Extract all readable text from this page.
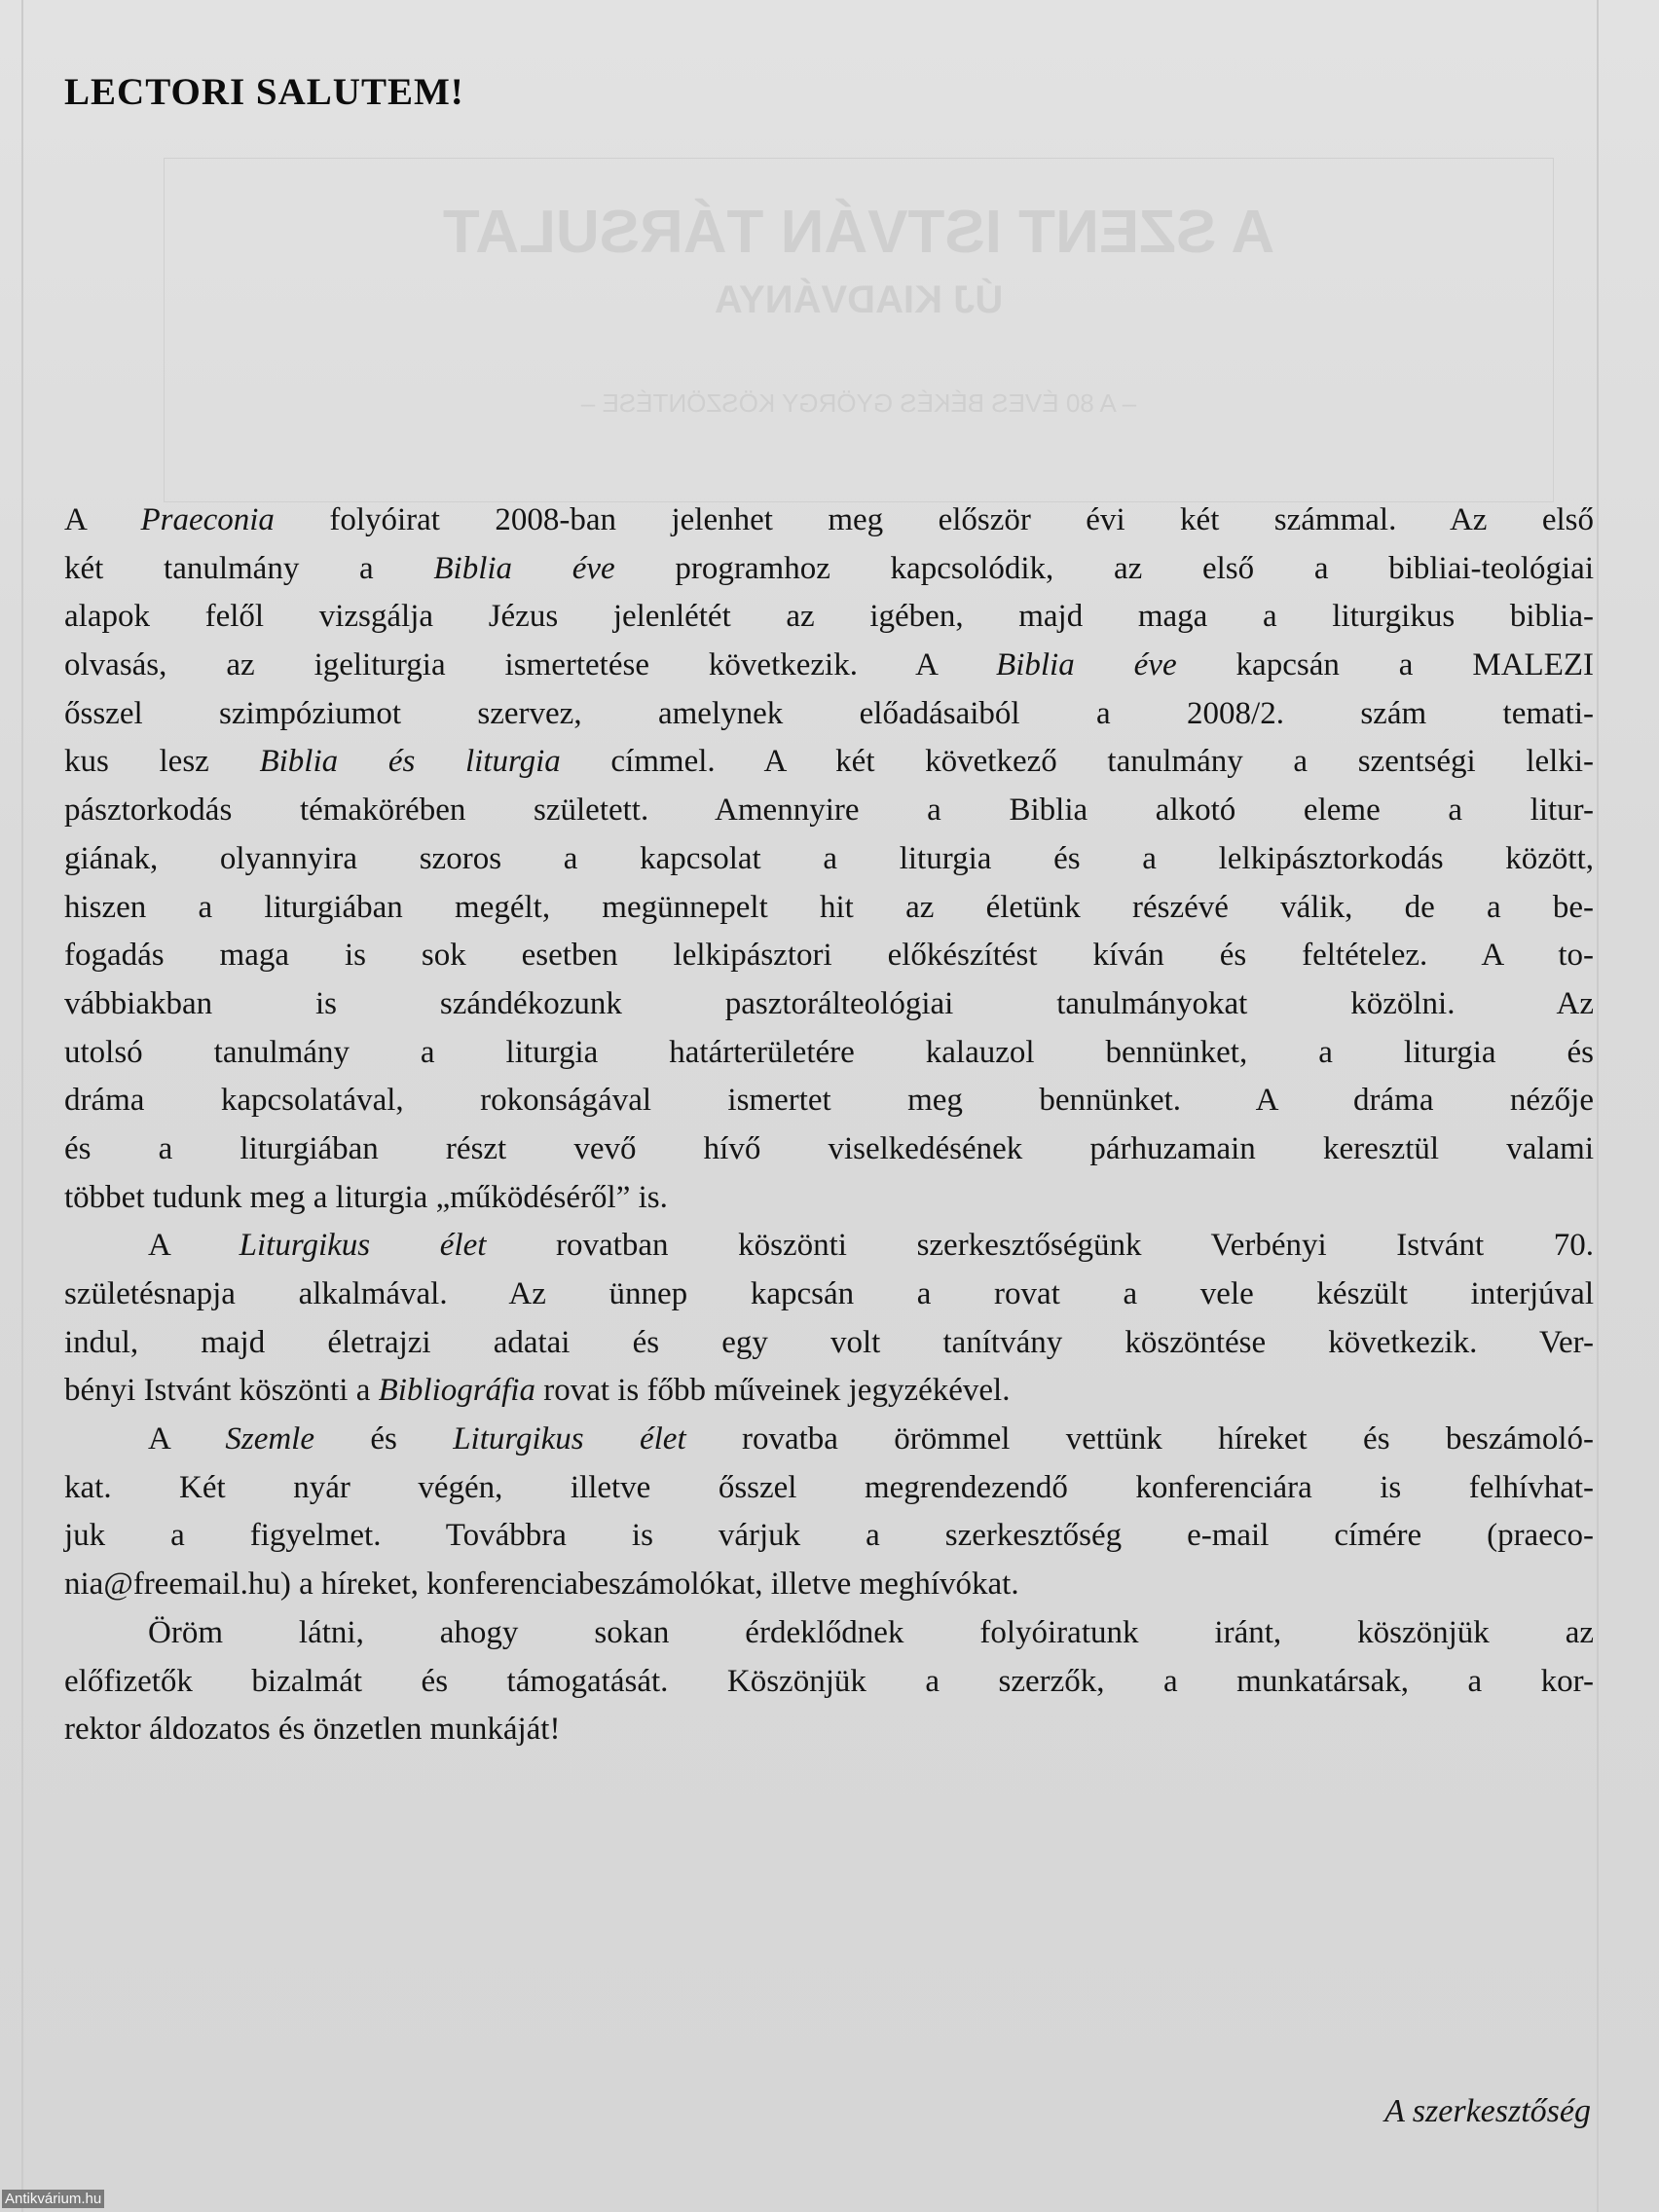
LECTORI SALUTEM!
A SZENT ISTVÁN TÁRSULAT
ÚJ KIADVÁNYA
– A 80 ÉVES BÉKÉS GYÖRGY KÖSZÖNTÉSE –
A Praeconia folyóirat 2008-ban jelenhet meg először évi két számmal. Az első
két tanulmány a Biblia éve programhoz kapcsolódik, az első a bibliai-teológiai
alapok felől vizsgálja Jézus jelenlétét az igében, majd maga a liturgikus biblia-
olvasás, az igeliturgia ismertetése következik. A Biblia éve kapcsán a MALEZI
ősszel szimpóziumot szervez, amelynek előadásaiból a 2008/2. szám temati-
kus lesz Biblia és liturgia címmel. A két következő tanulmány a szentségi lelki-
pásztorkodás témakörében született. Amennyire a Biblia alkotó eleme a litur-
giának, olyannyira szoros a kapcsolat a liturgia és a lelkipásztorkodás között,
hiszen a liturgiában megélt, megünnepelt hit az életünk részévé válik, de a be-
fogadás maga is sok esetben lelkipásztori előkészítést kíván és feltételez. A to-
vábbiakban is szándékozunk pasztorálteológiai tanulmányokat közölni. Az
utolsó tanulmány a liturgia határterületére kalauzol bennünket, a liturgia és
dráma kapcsolatával, rokonságával ismertet meg bennünket. A dráma nézője
és a liturgiában részt vevő hívő viselkedésének párhuzamain keresztül valami
többet tudunk meg a liturgia „működéséről” is.
A Liturgikus élet rovatban köszönti szerkesztőségünk Verbényi Istvánt 70.
születésnapja alkalmával. Az ünnep kapcsán a rovat a vele készült interjúval
indul, majd életrajzi adatai és egy volt tanítvány köszöntése következik. Ver-
bényi Istvánt köszönti a Bibliográfia rovat is főbb műveinek jegyzékével.
A Szemle és Liturgikus élet rovatba örömmel vettünk híreket és beszámoló-
kat. Két nyár végén, illetve ősszel megrendezendő konferenciára is felhívhat-
juk a figyelmet. Továbbra is várjuk a szerkesztőség e-mail címére (praeco-
nia@freemail.hu) a híreket, konferenciabeszámolókat, illetve meghívókat.
Öröm látni, ahogy sokan érdeklődnek folyóiratunk iránt, köszönjük az
előfizetők bizalmát és támogatását. Köszönjük a szerzők, a munkatársak, a kor-
rektor áldozatos és önzetlen munkáját!
A szerkesztőség
Antikvárium.hu
